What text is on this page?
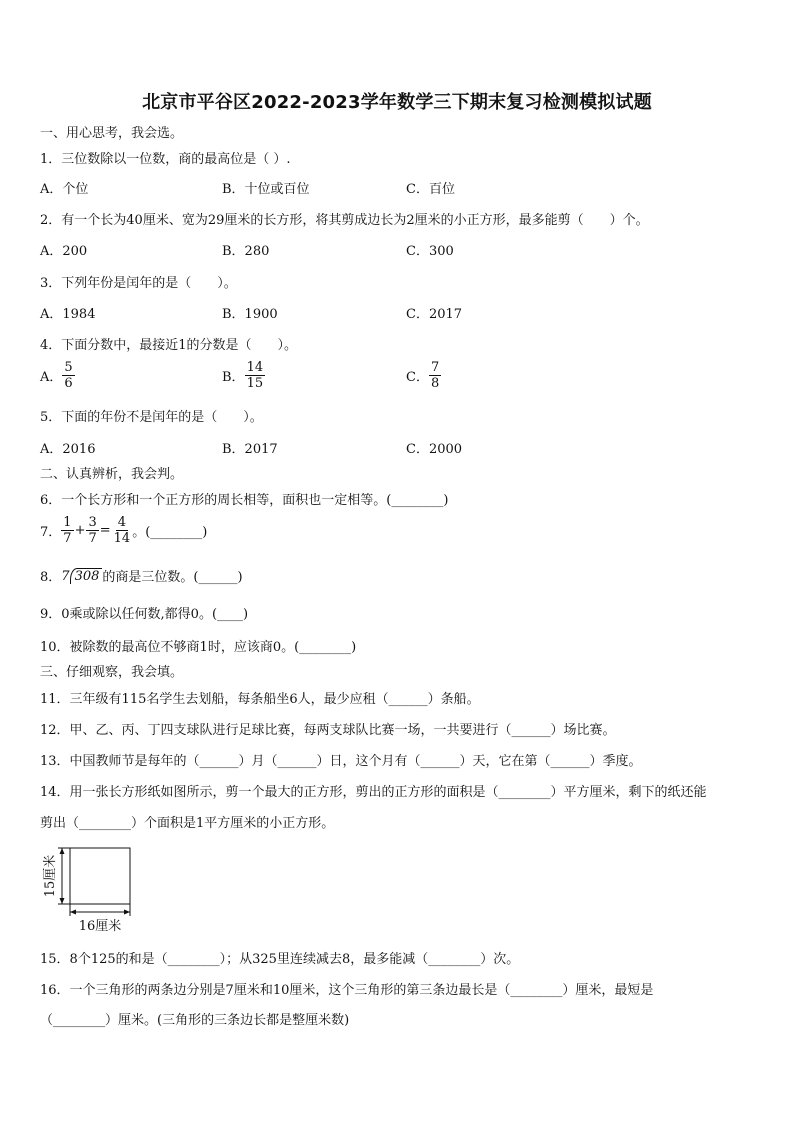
北京市平谷区2022-2023学年数学三下期末复习检测模拟试题
一、用心思考，我会选。
1．三位数除以一位数，商的最高位是（ ）.
A．个位	B．十位或百位	C．百位
2．有一个长为40厘米、宽为29厘米的长方形，将其剪成边长为2厘米的小正方形，最多能剪（　　）个。
A．200	B．280	C．300
3．下列年份是闰年的是（　　）。
A．1984	B．1900	C．2017
4．下面分数中，最接近1的分数是（　　）。
A． $\frac{5}{6}$	B． $\frac{14}{15}$	C． $\frac{7}{8}$
5．下面的年份不是闰年的是（　　）。
A．2016	B．2017	C．2000
二、认真辨析，我会判。
6．一个长方形和一个正方形的周长相等，面积也一定相等。(________)
7． $\frac{1}{7} + \frac{3}{7} = \frac{4}{14}$ 。(________)
8． 7 308 的商是三位数。(______)
9．0乘或除以任何数,都得0。(____)
10．被除数的最高位不够商1时，应该商0。(________)
三、仔细观察，我会填。
11．三年级有115名学生去划船，每条船坐6人，最少应租（______）条船。
12．甲、乙、丙、丁四支球队进行足球比赛，每两支球队比赛一场，一共要进行（______）场比赛。
13．中国教师节是每年的（______）月（______）日，这个月有（______）天，它在第（______）季度。
14．用一张长方形纸如图所示，剪一个最大的正方形，剪出的正方形的面积是（________）平方厘米，剩下的纸还能
剪出（________）个面积是1平方厘米的小正方形。
15厘米
16厘米
15．8个125的和是（________）；从325里连续减去8，最多能减（________）次。
16．一个三角形的两条边分别是7厘米和10厘米，这个三角形的第三条边最长是（________）厘米，最短是
（________）厘米。(三角形的三条边长都是整厘米数)
